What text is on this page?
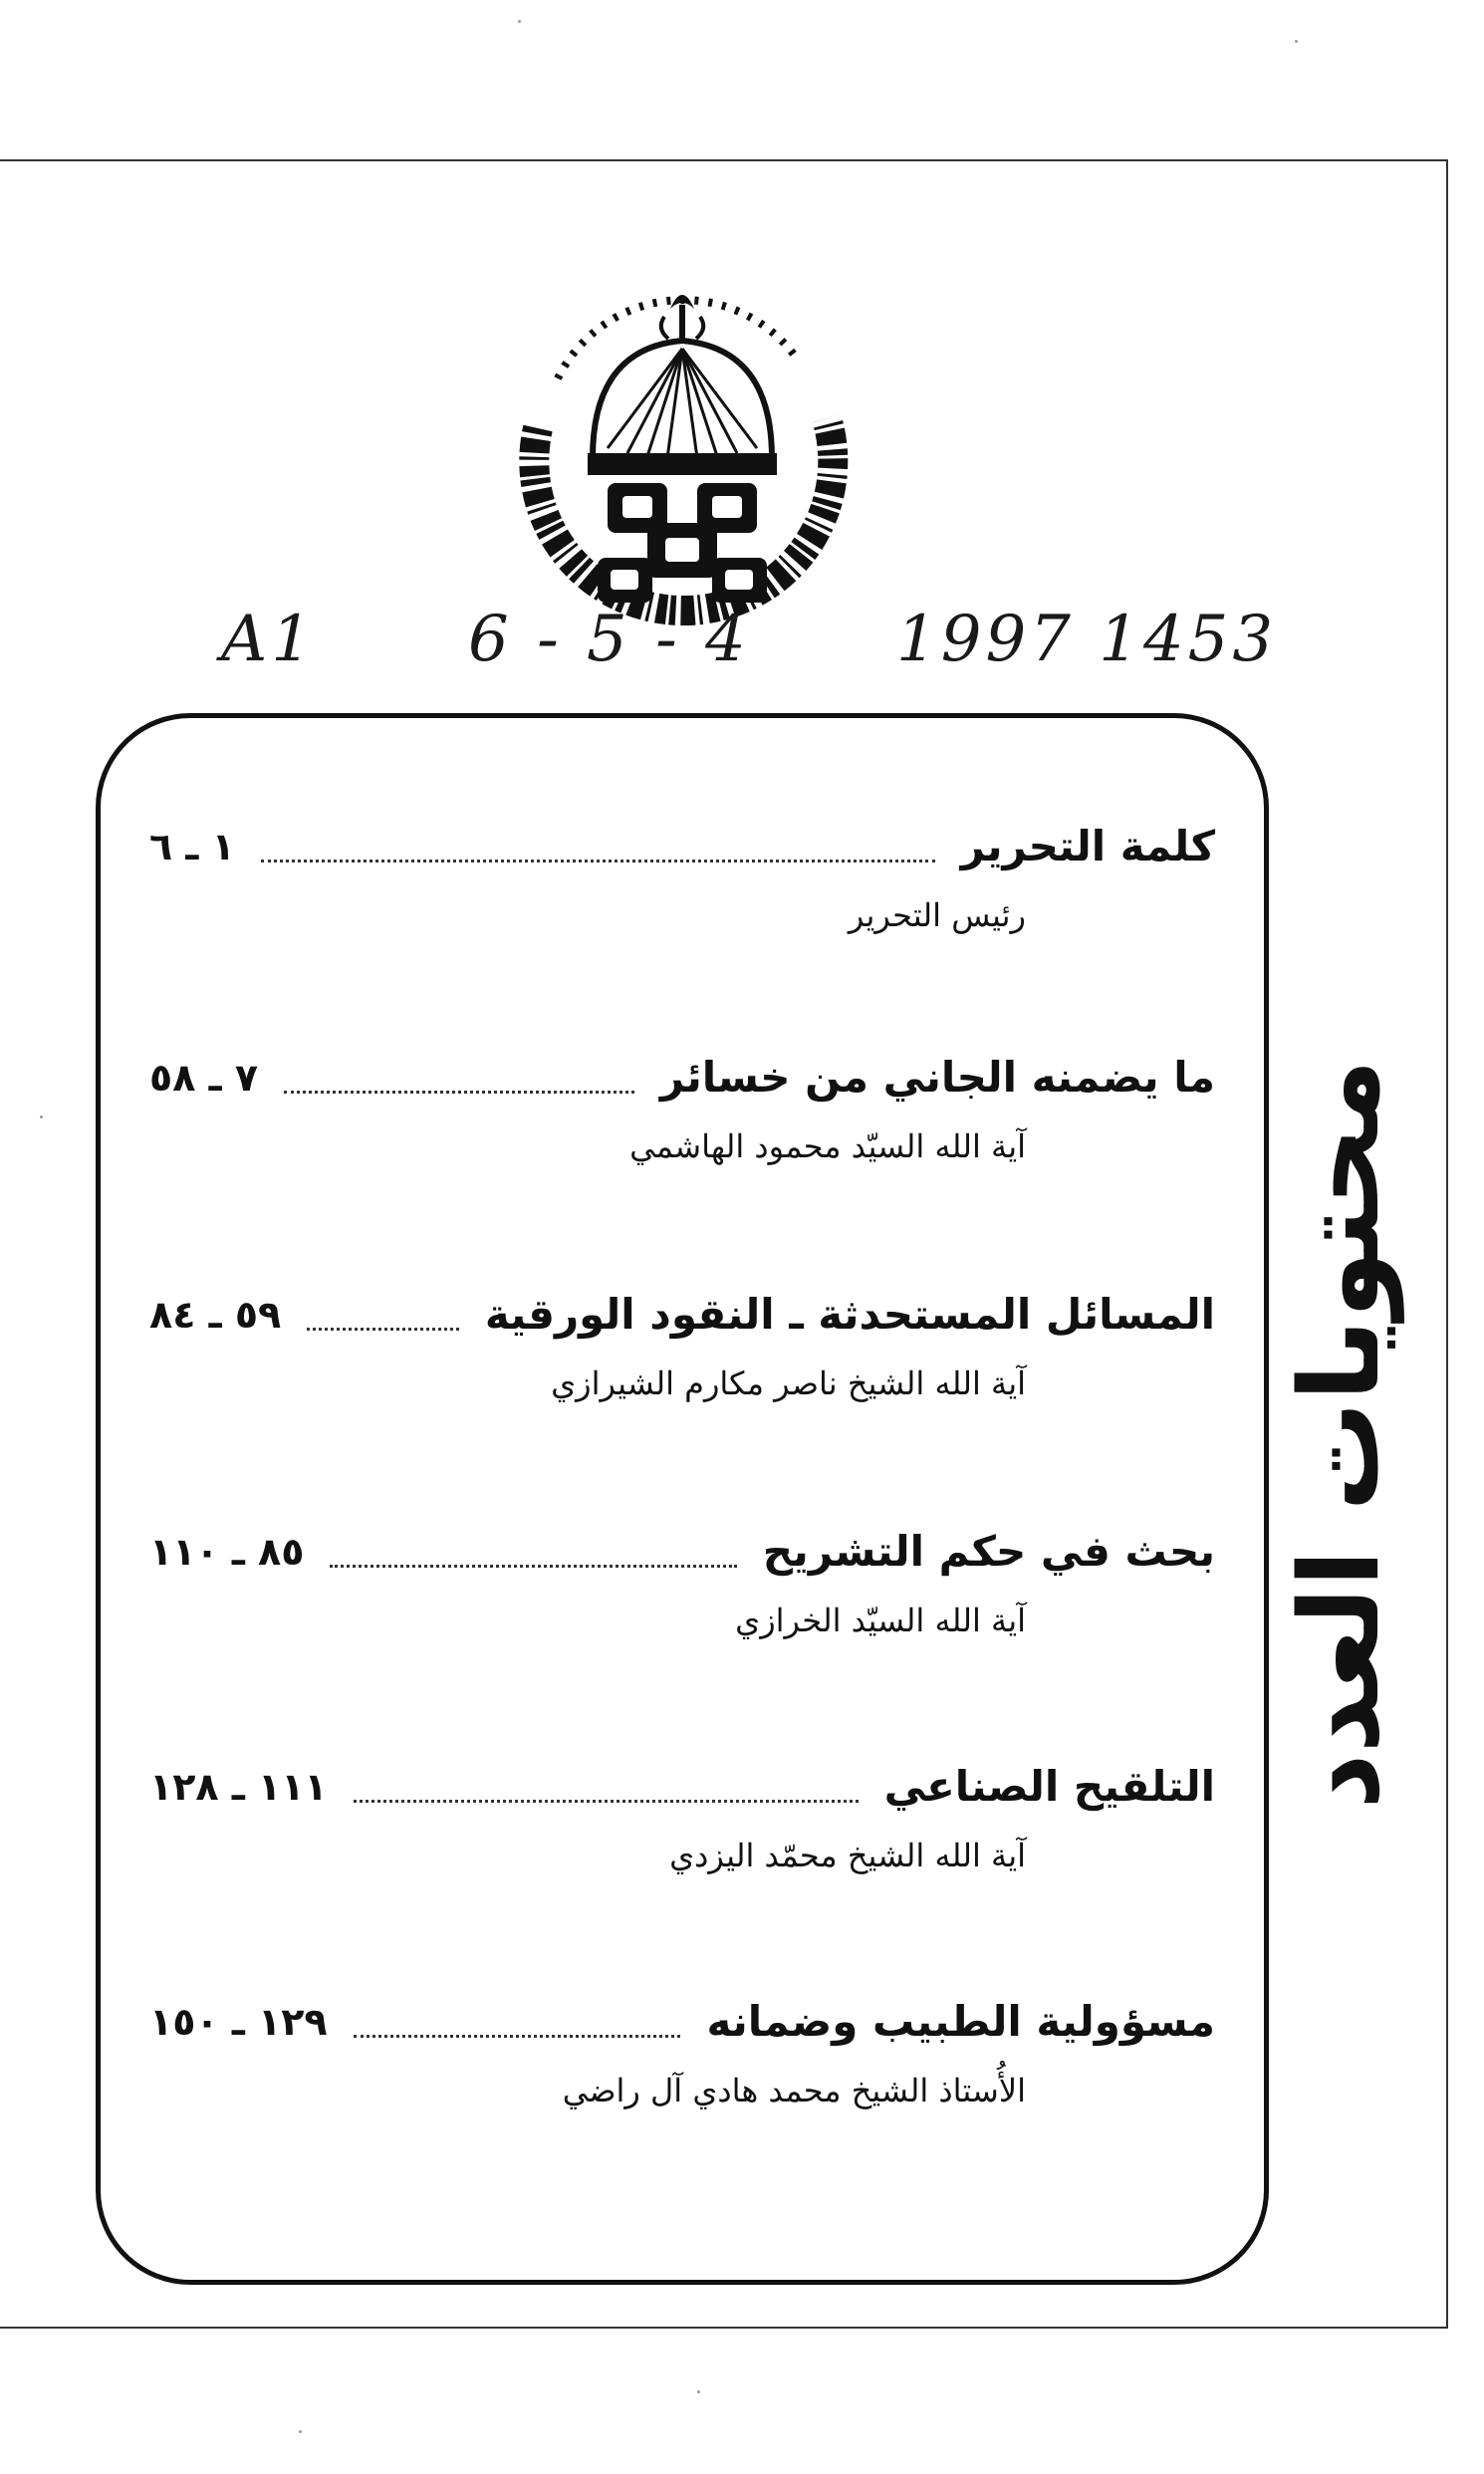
A1 6 - 5 - 4 1997 1453
محتويات العدد
كلمة التحرير
١ ـ ٦
رئيس التحرير
ما يضمنه الجاني من خسائر
٧ ـ ٥٨
آية الله السيّد محمود الهاشمي
المسائل المستحدثة ـ النقود الورقية
٥٩ ـ ٨٤
آية الله الشيخ ناصر مكارم الشيرازي
بحث في حكم التشريح
٨٥ ـ ١١٠
آية الله السيّد الخرازي
التلقيح الصناعي
١١١ ـ ١٢٨
آية الله الشيخ محمّد اليزدي
مسؤولية الطبيب وضمانه
١٢٩ ـ ١٥٠
الأُستاذ الشيخ محمد هادي آل راضي
